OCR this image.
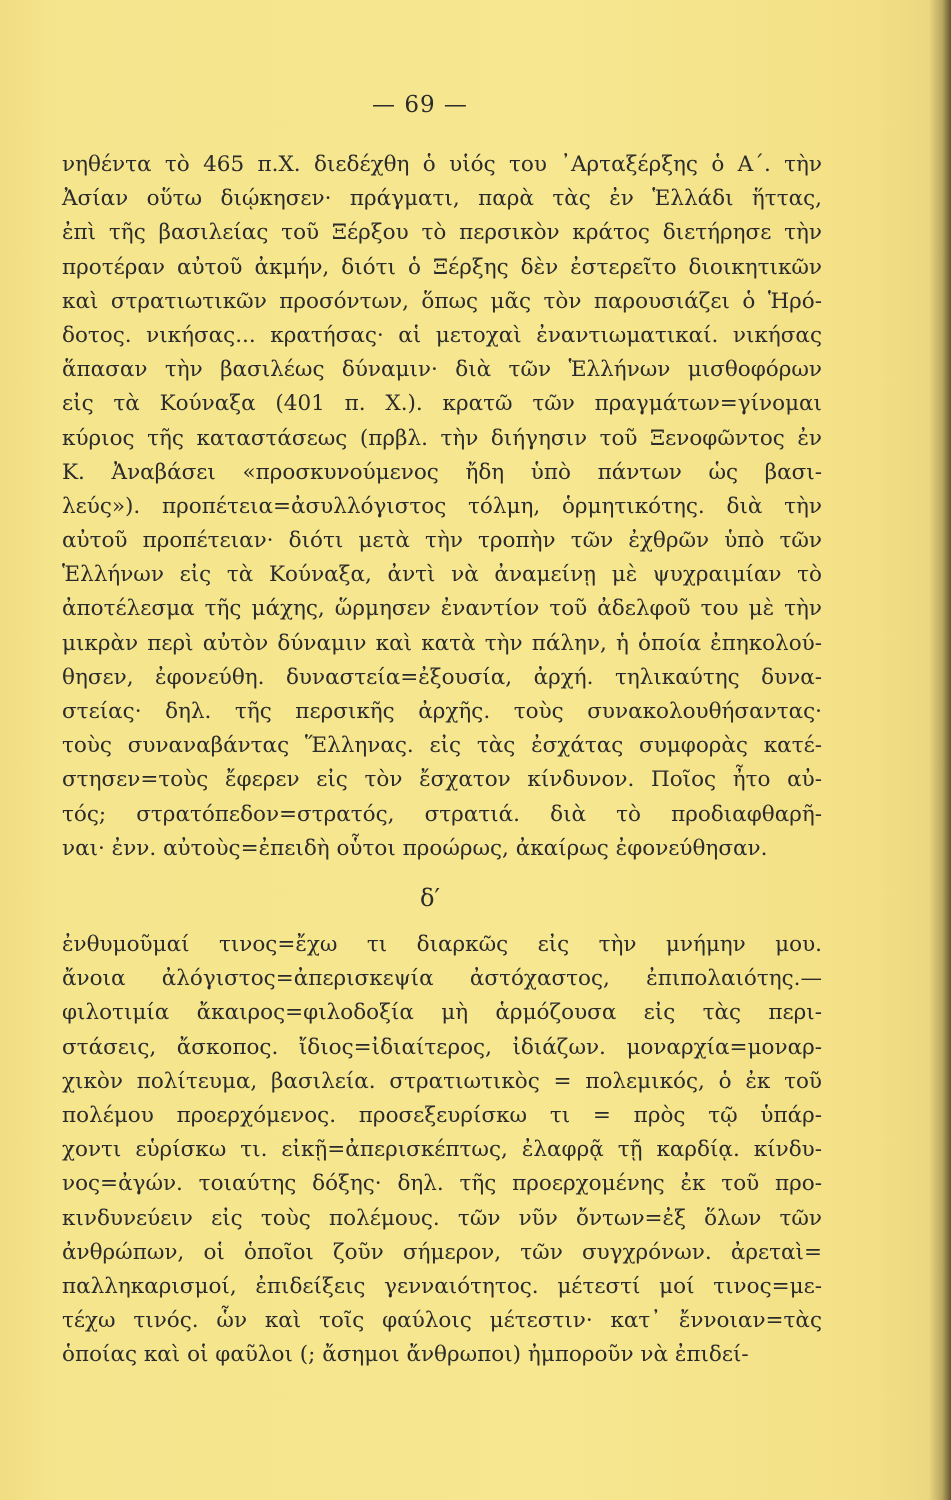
— 69 —
νηθέντα τὸ 465 π.Χ. διεδέχθη ὁ υἱός του ᾿Αρταξέρξης ὁ Α΄. τὴν
Ἀσίαν οὕτω διῴκησεν· πράγματι, παρὰ τὰς ἐν Ἑλλάδι ἥττας,
ἐπὶ τῆς βασιλείας τοῦ Ξέρξου τὸ περσικὸν κράτος διετήρησε τὴν
προτέραν αὐτοῦ ἀκμήν, διότι ὁ Ξέρξης δὲν ἐστερεῖτο διοικητικῶν
καὶ στρατιωτικῶν προσόντων, ὅπως μᾶς τὸν παρουσιάζει ὁ Ἡρό-
δοτος. νικήσας... κρατήσας· αἱ μετοχαὶ ἐναντιωματικαί. νικήσας
ἅπασαν τὴν βασιλέως δύναμιν· διὰ τῶν Ἑλλήνων μισθοφόρων
εἰς τὰ Κούναξα (401 π. Χ.). κρατῶ τῶν πραγμάτων=γίνομαι
κύριος τῆς καταστάσεως (πρβλ. τὴν διήγησιν τοῦ Ξενοφῶντος ἐν
Κ. Ἀναβάσει «προσκυνούμενος ἤδη ὑπὸ πάντων ὡς βασι-
λεύς»). προπέτεια=ἀσυλλόγιστος τόλμη, ὁρμητικότης. διὰ τὴν
αὐτοῦ προπέτειαν· διότι μετὰ τὴν τροπὴν τῶν ἐχθρῶν ὑπὸ τῶν
Ἑλλήνων εἰς τὰ Κούναξα, ἀντὶ νὰ ἀναμείνῃ μὲ ψυχραιμίαν τὸ
ἀποτέλεσμα τῆς μάχης, ὥρμησεν ἐναντίον τοῦ ἀδελφοῦ του μὲ τὴν
μικρὰν περὶ αὐτὸν δύναμιν καὶ κατὰ τὴν πάλην, ἡ ὁποία ἐπηκολού-
θησεν, ἐφονεύθη. δυναστεία=ἐξουσία, ἀρχή. τηλικαύτης δυνα-
στείας· δηλ. τῆς περσικῆς ἀρχῆς. τοὺς συνακολουθήσαντας·
τοὺς συναναβάντας Ἕλληνας. εἰς τὰς ἐσχάτας συμφορὰς κατέ-
στησεν=τοὺς ἔφερεν εἰς τὸν ἔσχατον κίνδυνον. Ποῖος ἦτο αὐ-
τός; στρατόπεδον=στρατός, στρατιά. διὰ τὸ προδιαφθαρῆ-
ναι· ἐνν. αὐτοὺς=ἐπειδὴ οὗτοι προώρως, ἀκαίρως ἐφονεύθησαν.
δ′
ἐνθυμοῦμαί τινος=ἔχω τι διαρκῶς εἰς τὴν μνήμην μου.
ἄνοια ἀλόγιστος=ἀπερισκεψία ἀστόχαστος, ἐπιπολαιότης.—
φιλοτιμία ἄκαιρος=φιλοδοξία μὴ ἁρμόζουσα εἰς τὰς περι-
στάσεις, ἄσκοπος. ἴδιος=ἰδιαίτερος, ἰδιάζων. μοναρχία=μοναρ-
χικὸν πολίτευμα, βασιλεία. στρατιωτικὸς = πολεμικός, ὁ ἐκ τοῦ
πολέμου προερχόμενος. προσεξευρίσκω τι = πρὸς τῷ ὑπάρ-
χοντι εὑρίσκω τι. εἰκῇ=ἀπερισκέπτως, ἐλαφρᾷ τῇ καρδίᾳ. κίνδυ-
νος=ἀγών. τοιαύτης δόξης· δηλ. τῆς προερχομένης ἐκ τοῦ προ-
κινδυνεύειν εἰς τοὺς πολέμους. τῶν νῦν ὄντων=ἐξ ὅλων τῶν
ἀνθρώπων, οἱ ὁποῖοι ζοῦν σήμερον, τῶν συγχρόνων. ἀρεταὶ=
παλληκαρισμοί, ἐπιδείξεις γενναιότητος. μέτεστί μοί τινος=με-
τέχω τινός. ὧν καὶ τοῖς φαύλοις μέτεστιν· κατ᾿ ἔννοιαν=τὰς
ὁποίας καὶ οἱ φαῦλοι (; ἄσημοι ἄνθρωποι) ἠμποροῦν νὰ ἐπιδεί-
